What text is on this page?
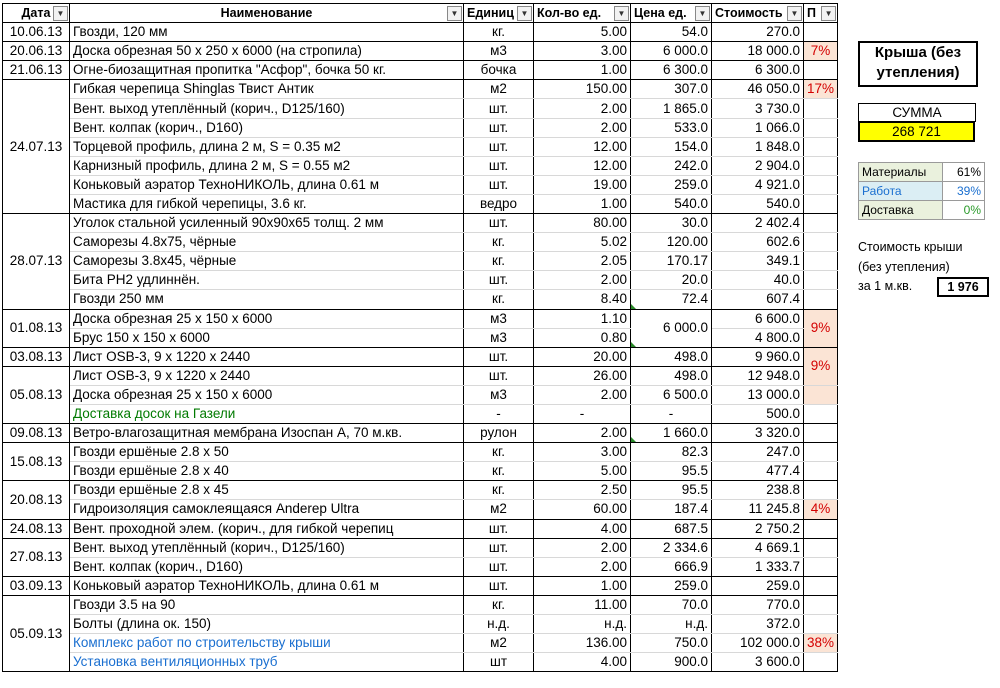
Дата ▼	Наименование ▼	Единиц ▼	Кол-во ед. ▼	Цена ед. ▼	Стоимость ▼	П ▼

10.06.13	Гвозди, 120 мм	кг.	5.00	54.0	270.0	
20.06.13	Доска обрезная 50 x 250 x 6000 (на стропила)	м3	3.00	6 000.0	18 000.0	7%
21.06.13	Огне-биозащитная пропитка "Асфор", бочка 50 кг.	бочка	1.00	6 300.0	6 300.0	
24.07.13	Гибкая черепица Shinglas Твист Антик	м2	150.00	307.0	46 050.0	17%
	Вент. выход утеплённый (корич., D125/160)	шт.	2.00	1 865.0	3 730.0	
	Вент. колпак (корич., D160)	шт.	2.00	533.0	1 066.0	
	Торцевой профиль, длина 2 м, S = 0.35 м2	шт.	12.00	154.0	1 848.0	
	Карнизный профиль, длина 2 м, S = 0.55 м2	шт.	12.00	242.0	2 904.0	
	Коньковый аэратор ТехноНИКОЛЬ, длина 0.61 м	шт.	19.00	259.0	4 921.0	
	Мастика для гибкой черепицы, 3.6 кг.	ведро	1.00	540.0	540.0	
28.07.13	Уголок стальной усиленный 90x90x65 толщ. 2 мм	шт.	80.00	30.0	2 402.4	
	Саморезы 4.8x75, чёрные	кг.	5.02	120.00	602.6	
	Саморезы 3.8x45, чёрные	кг.	2.05	170.17	349.1	
	Бита PH2 удлиннён.	шт.	2.00	20.0	40.0	
	Гвозди 250 мм	кг.	8.40	72.4	607.4	
01.08.13	Доска обрезная 25 x 150 x 6000	м3	1.10	6 000.0	6 600.0	9%
	Брус 150 x 150 x 6000	м3	0.80		4 800.0	
03.08.13	Лист OSB-3, 9 x 1220 x 2440	шт.	20.00	498.0	9 960.0	9%
05.08.13	Лист OSB-3, 9 x 1220 x 2440	шт.	26.00	498.0	12 948.0	
	Доска обрезная 25 x 150 x 6000	м3	2.00	6 500.0	13 000.0	
	Доставка досок на Газели	-	-	-	500.0	
09.08.13	Ветро-влагозащитная мембрана Изоспан А, 70 м.кв.	рулон	2.00	1 660.0	3 320.0	
15.08.13	Гвозди ершёные 2.8 x 50	кг.	3.00	82.3	247.0	
	Гвозди ершёные 2.8 x 40	кг.	5.00	95.5	477.4	
20.08.13	Гвозди ершёные 2.8 x 45	кг.	2.50	95.5	238.8	
	Гидроизоляция самоклеящаяся Anderep Ultra	м2	60.00	187.4	11 245.8	4%
24.08.13	Вент. проходной элем. (корич., для гибкой черепиц	шт.	4.00	687.5	2 750.2	
27.08.13	Вент. выход утеплённый (корич., D125/160)	шт.	2.00	2 334.6	4 669.1	
	Вент. колпак (корич., D160)	шт.	2.00	666.9	1 333.7	
03.09.13	Коньковый аэратор ТехноНИКОЛЬ, длина 0.61 м	шт.	1.00	259.0	259.0	
05.09.13	Гвозди 3.5 на 90	кг.	11.00	70.0	770.0	
	Болты (длина ок. 150)	н.д.	н.д.	н.д.	372.0	
	Комплекс работ по строительству крыши	м2	136.00	750.0	102 000.0	38%
	Установка вентиляционных труб	шт	4.00	900.0	3 600.0	
Крыша (без утепления)
СУММА
268 721
Материалы	61%
Работа	39%
Доставка	0%
Стоимость крыши
(без утепления)
за 1 м.кв.	1 976
